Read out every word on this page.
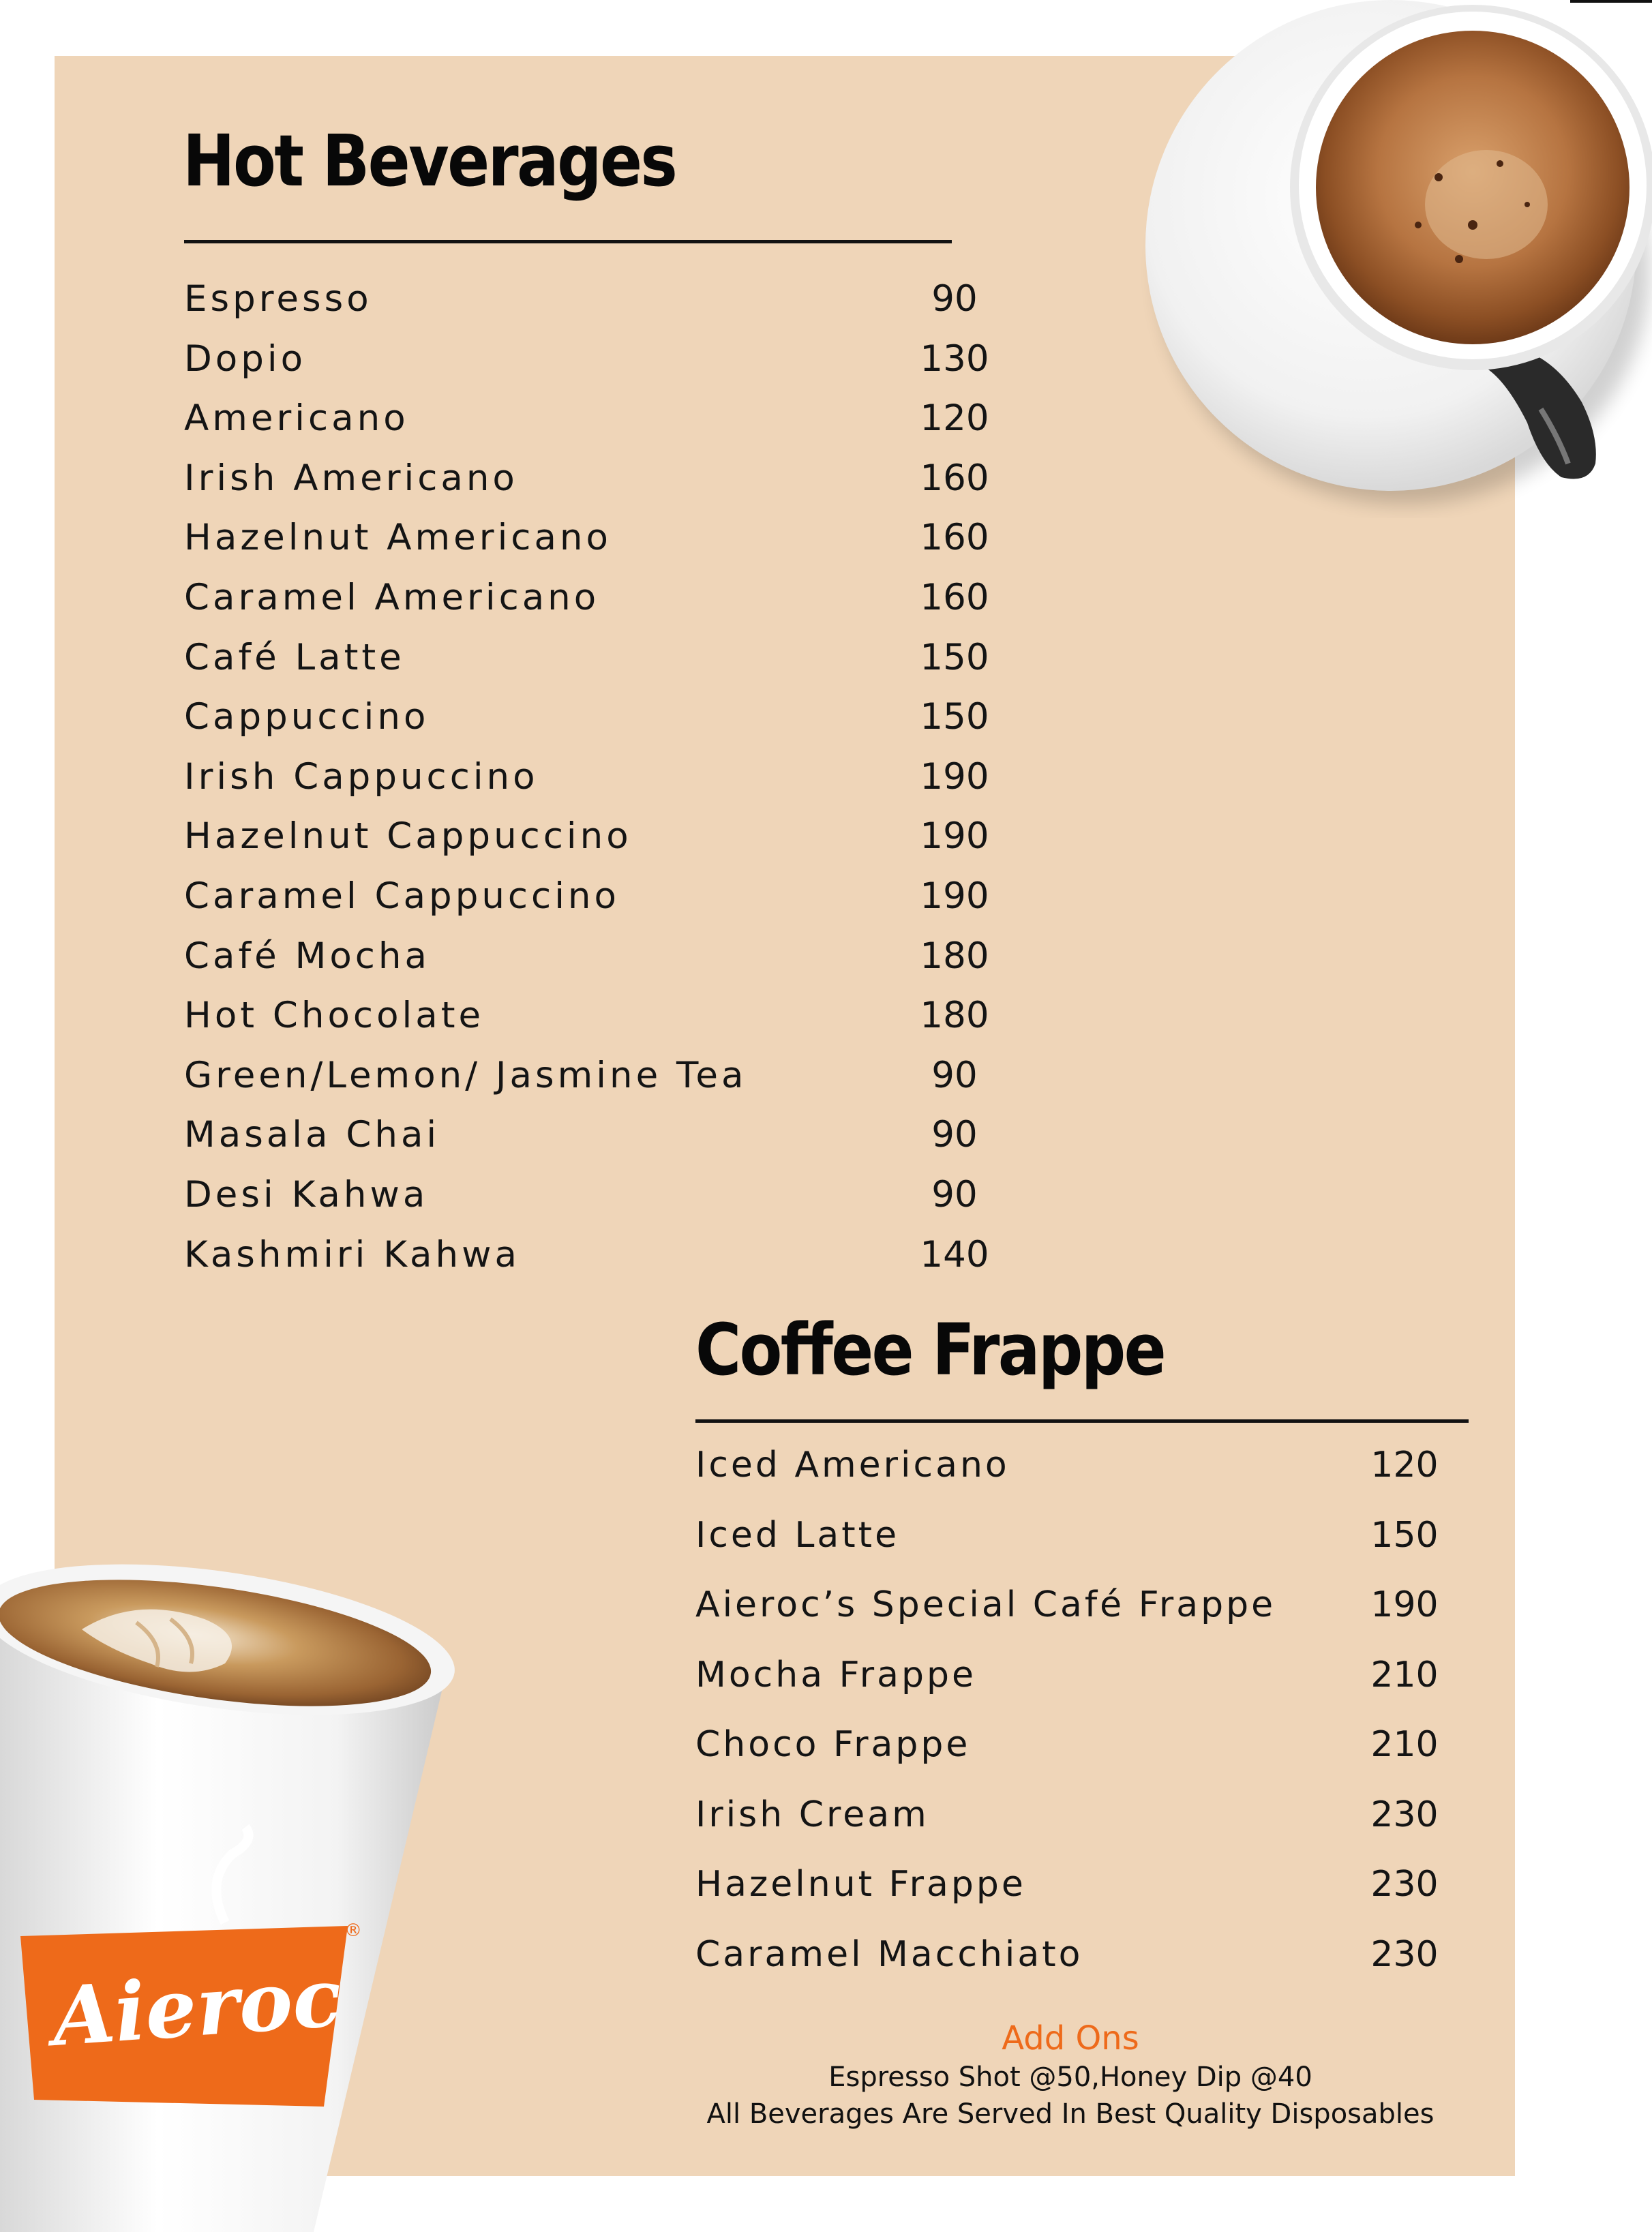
Hot Beverages
Espresso	90
Dopio	130
Americano	120
Irish Americano	160
Hazelnut Americano	160
Caramel Americano	160
Café Latte	150
Cappuccino	150
Irish Cappuccino	190
Hazelnut Cappuccino	190
Caramel Cappuccino	190
Café Mocha	180
Hot Chocolate	180
Green/Lemon/ Jasmine Tea	90
Masala Chai	90
Desi Kahwa	90
Kashmiri Kahwa	140
Coffee Frappe
Iced Americano	120
Iced Latte	150
Aieroc’s Special Café Frappe	190
Mocha Frappe	210
Choco Frappe	210
Irish Cream	230
Hazelnut Frappe	230
Caramel Macchiato	230

Add Ons

Espresso Shot @50,Honey Dip @40

All Beverages Are Served In Best Quality Disposables

Aieroc
®
